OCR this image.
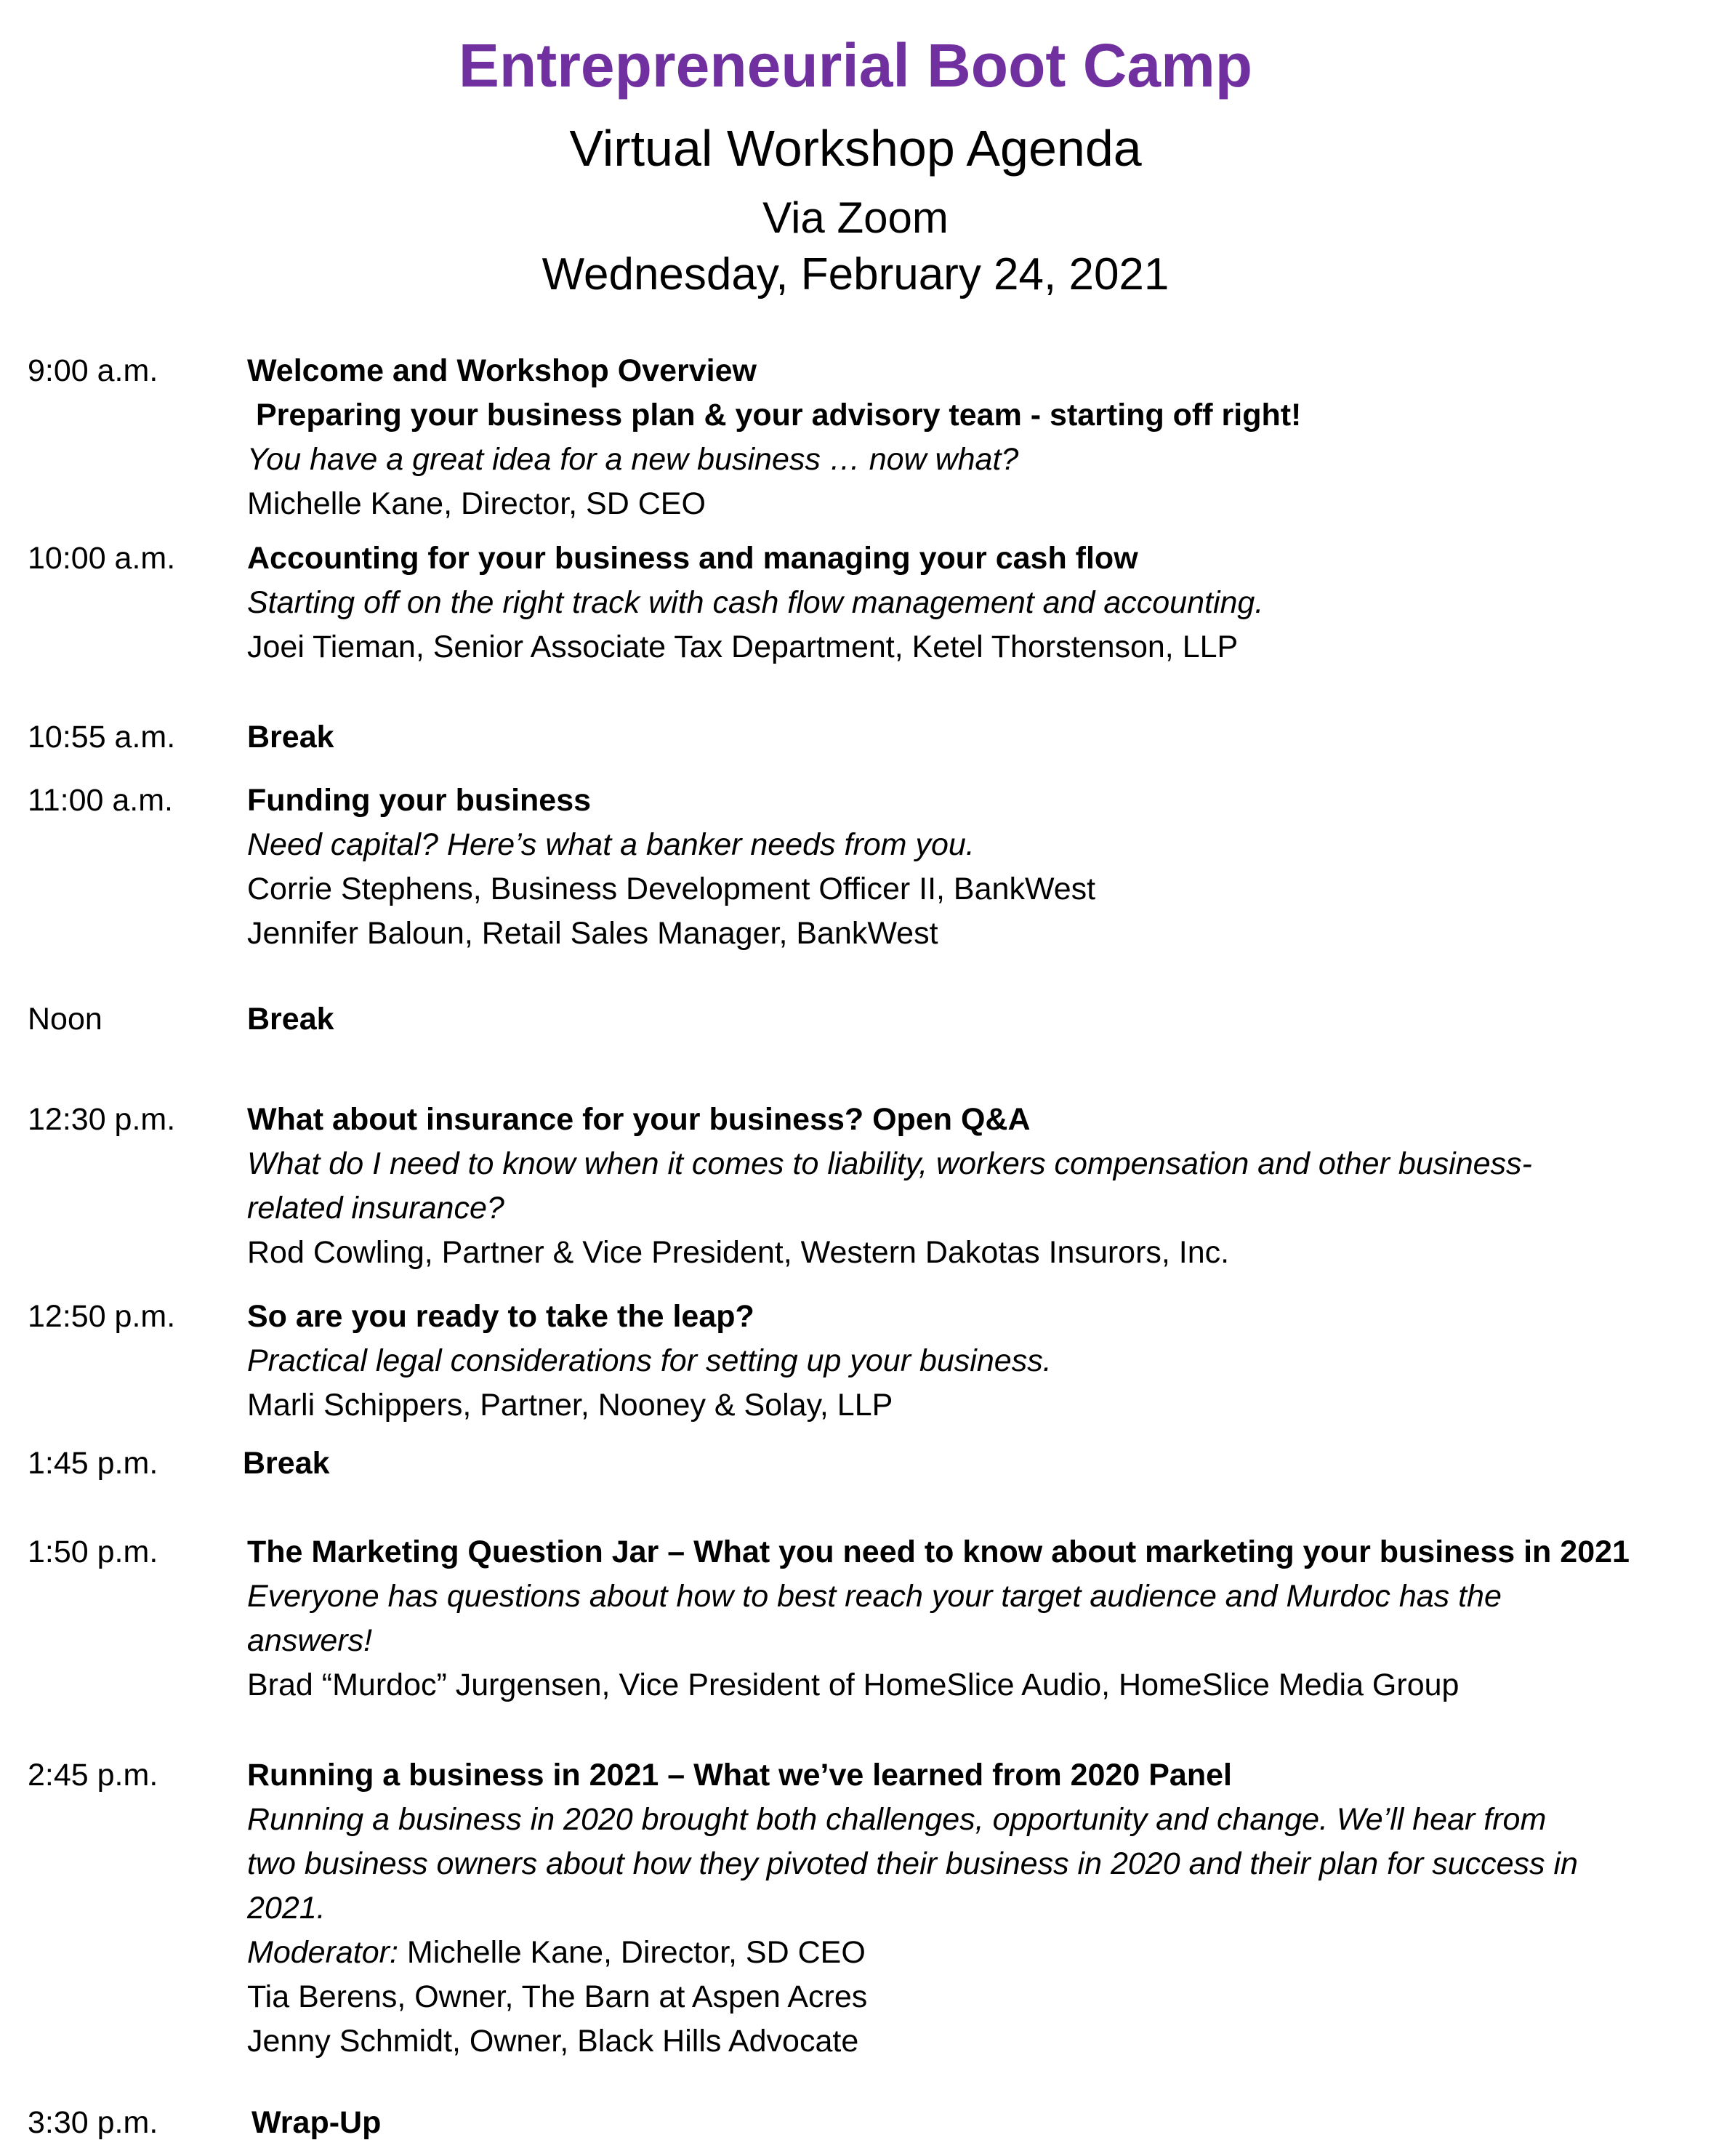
Entrepreneurial Boot Camp
Virtual Workshop Agenda
Via Zoom
Wednesday, February 24, 2021
9:00 a.m.	Welcome and Workshop Overview
Preparing your business plan & your advisory team - starting off right!
You have a great idea for a new business … now what?
Michelle Kane, Director, SD CEO
10:00 a.m. Accounting for your business and managing your cash flow
Starting off on the right track with cash flow management and accounting.
Joei Tieman, Senior Associate Tax Department, Ketel Thorstenson, LLP
10:55 a.m. Break
11:00 a.m. Funding your business
Need capital? Here’s what a banker needs from you.
Corrie Stephens, Business Development Officer II, BankWest
Jennifer Baloun, Retail Sales Manager, BankWest
Noon	Break
12:30 p.m. What about insurance for your business? Open Q&A
What do I need to know when it comes to liability, workers compensation and other business-
related insurance?
Rod Cowling, Partner & Vice President, Western Dakotas Insurors, Inc.
12:50 p.m. So are you ready to take the leap?
Practical legal considerations for setting up your business.
Marli Schippers, Partner, Nooney & Solay, LLP
1:45 p.m.	Break
1:50 p.m.	The Marketing Question Jar – What you need to know about marketing your business in 2021
Everyone has questions about how to best reach your target audience and Murdoc has the
answers!
Brad “Murdoc” Jurgensen, Vice President of HomeSlice Audio, HomeSlice Media Group
2:45 p.m.	Running a business in 2021 – What we’ve learned from 2020 Panel
Running a business in 2020 brought both challenges, opportunity and change. We’ll hear from
two business owners about how they pivoted their business in 2020 and their plan for success in
2021.
Moderator: Michelle Kane, Director, SD CEO
Tia Berens, Owner, The Barn at Aspen Acres
Jenny Schmidt, Owner, Black Hills Advocate
3:30 p.m.	Wrap-Up
